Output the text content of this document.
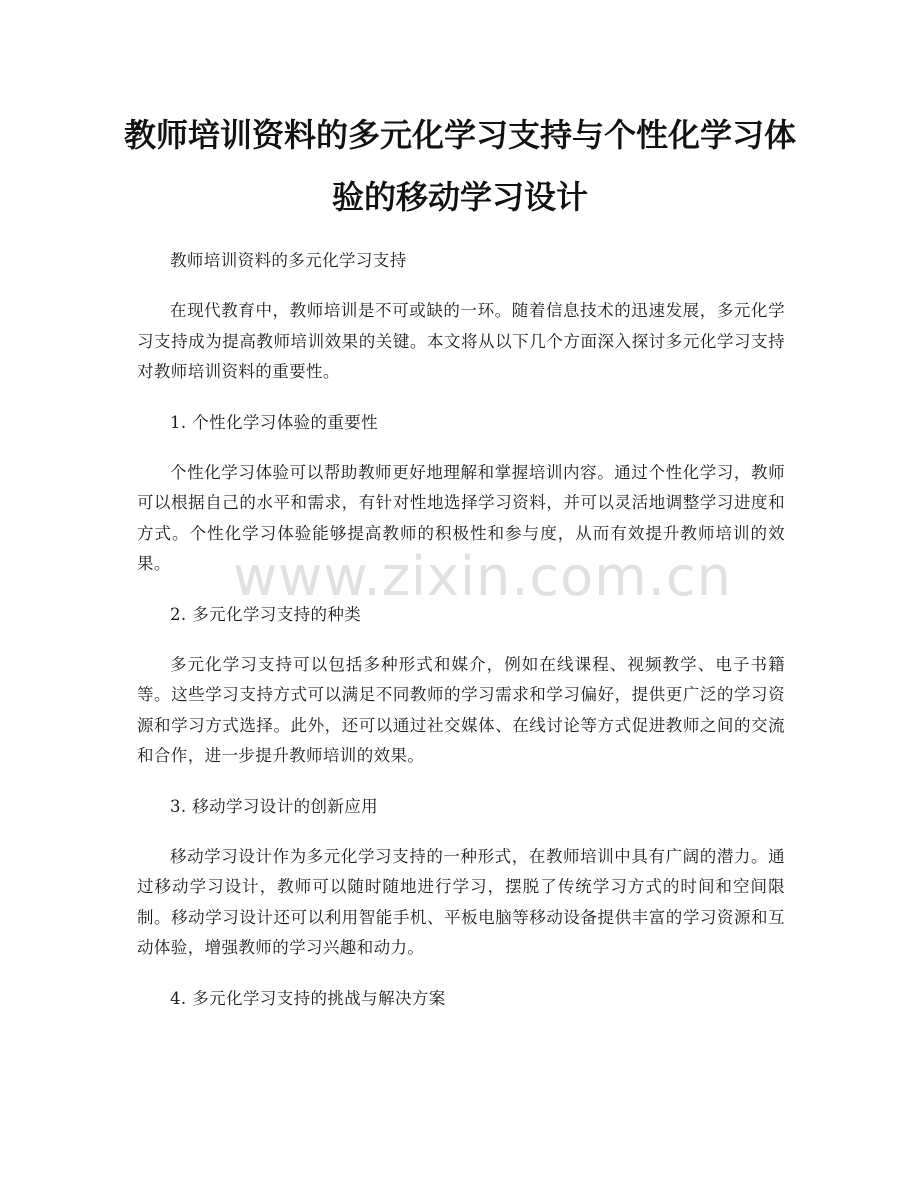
教师培训资料的多元化学习支持与个性化学习体验的移动学习设计

教师培训资料的多元化学习支持

在现代教育中，教师培训是不可或缺的一环。随着信息技术的迅速发展，多元化学习支持成为提高教师培训效果的关键。本文将从以下几个方面深入探讨多元化学习支持对教师培训资料的重要性。

1. 个性化学习体验的重要性

个性化学习体验可以帮助教师更好地理解和掌握培训内容。通过个性化学习，教师可以根据自己的水平和需求，有针对性地选择学习资料，并可以灵活地调整学习进度和方式。个性化学习体验能够提高教师的积极性和参与度，从而有效提升教师培训的效果。

2. 多元化学习支持的种类

多元化学习支持可以包括多种形式和媒介，例如在线课程、视频教学、电子书籍等。这些学习支持方式可以满足不同教师的学习需求和学习偏好，提供更广泛的学习资源和学习方式选择。此外，还可以通过社交媒体、在线讨论等方式促进教师之间的交流和合作，进一步提升教师培训的效果。

3. 移动学习设计的创新应用

移动学习设计作为多元化学习支持的一种形式，在教师培训中具有广阔的潜力。通过移动学习设计，教师可以随时随地进行学习，摆脱了传统学习方式的时间和空间限制。移动学习设计还可以利用智能手机、平板电脑等移动设备提供丰富的学习资源和互动体验，增强教师的学习兴趣和动力。

4. 多元化学习支持的挑战与解决方案

www.zixin.com.cn
